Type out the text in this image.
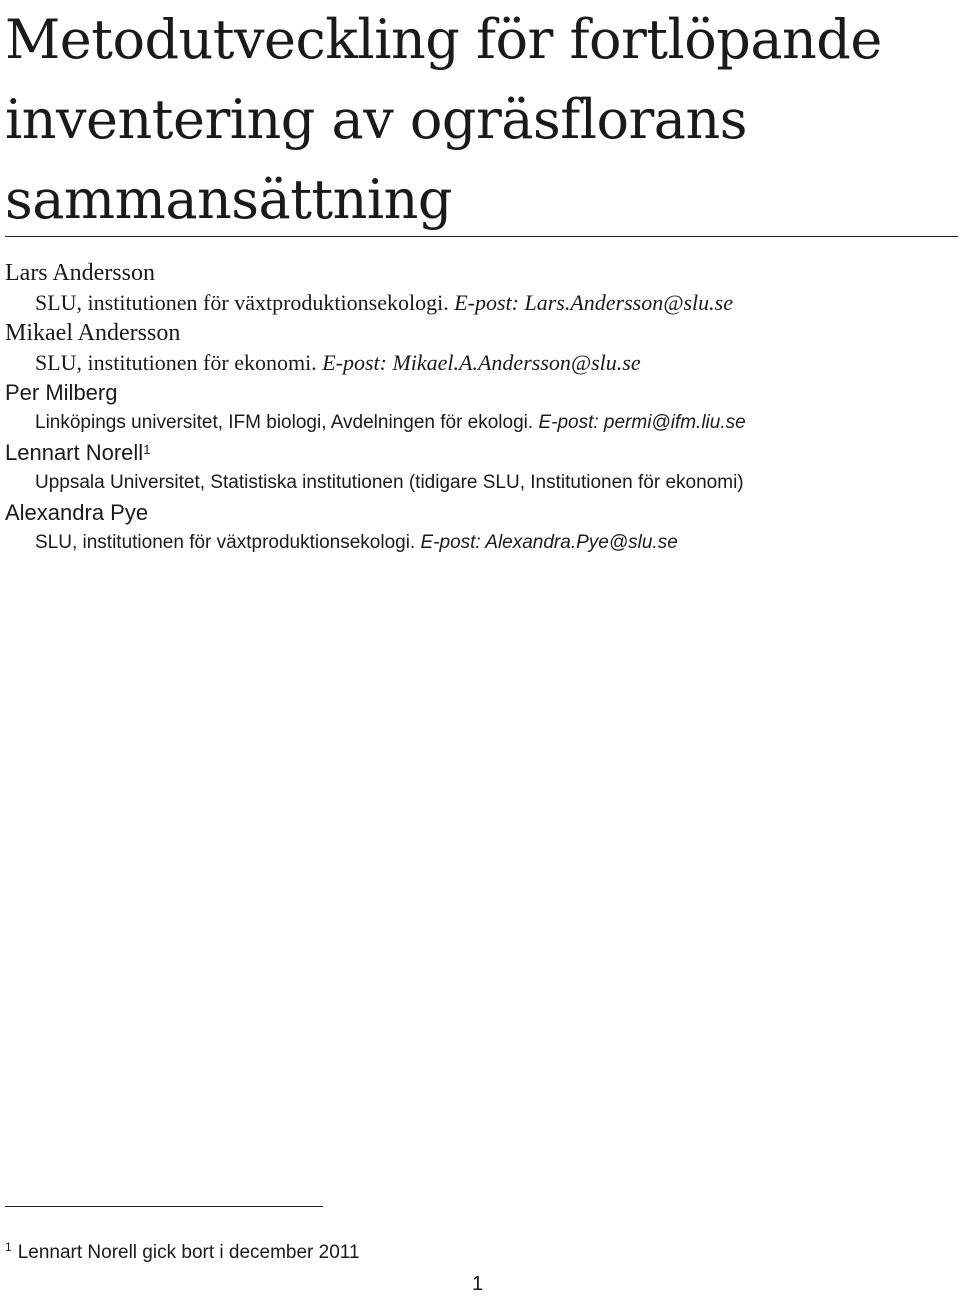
Metodutveckling för fortlöpande
inventering av ogräsflorans
sammansättning
Lars Andersson
SLU, institutionen för växtproduktionsekologi. E-post: Lars.Andersson@slu.se
Mikael Andersson
SLU, institutionen för ekonomi. E-post: Mikael.A.Andersson@slu.se
Per Milberg
Linköpings universitet, IFM biologi, Avdelningen för ekologi. E-post: permi@ifm.liu.se
Lennart Norell$^1$
Uppsala Universitet, Statistiska institutionen (tidigare SLU, Institutionen för ekonomi)
Alexandra Pye
SLU, institutionen för växtproduktionsekologi. E-post: Alexandra.Pye@slu.se
$^1$ Lennart Norell gick bort i december 2011
1
